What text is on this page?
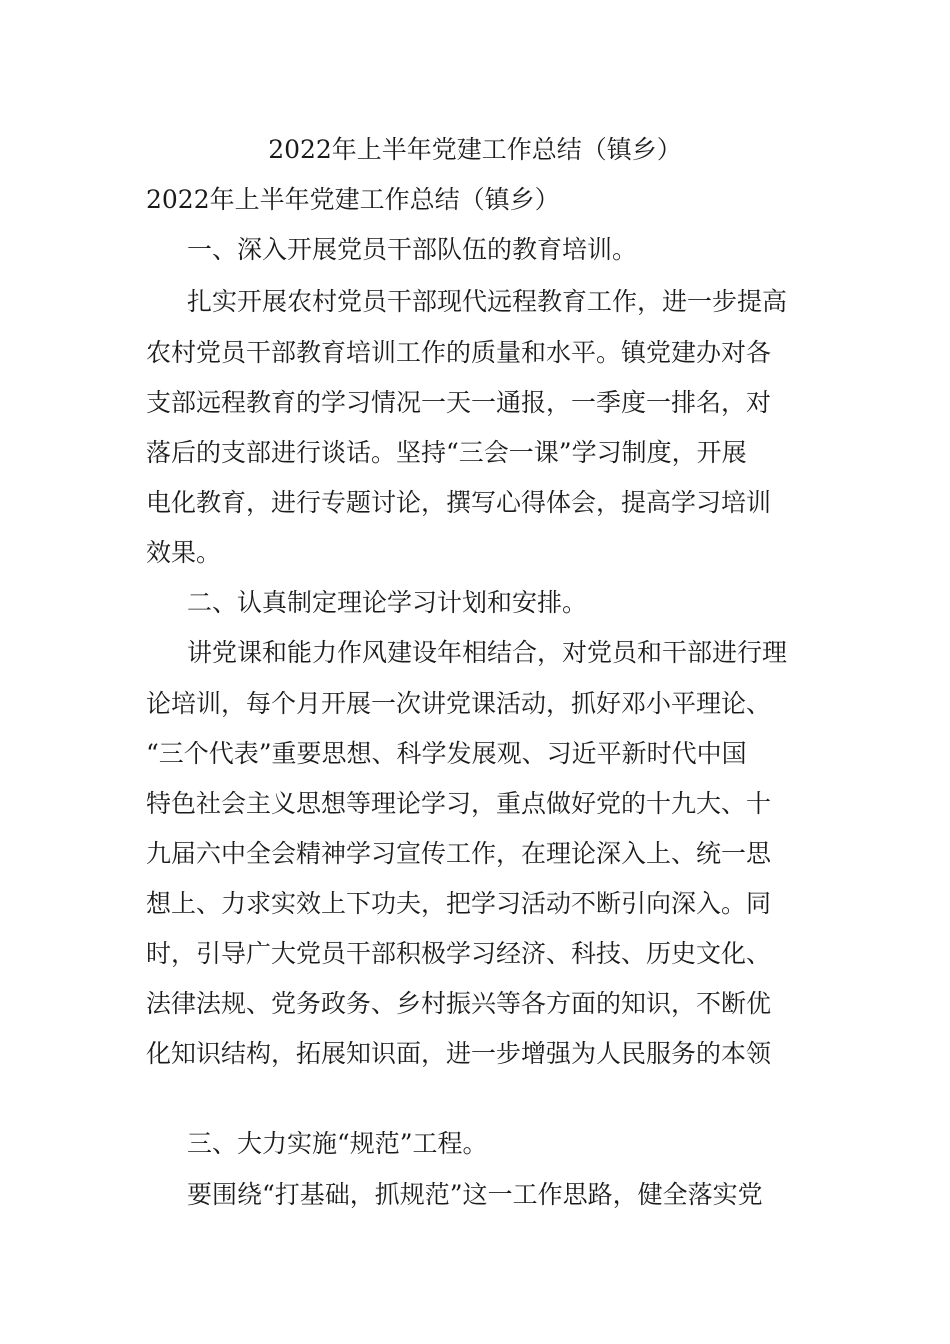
2022年上半年党建工作总结（镇乡）
2022年上半年党建工作总结（镇乡）
一、深入开展党员干部队伍的教育培训。
扎实开展农村党员干部现代远程教育工作，进一步提高
农村党员干部教育培训工作的质量和水平。镇党建办对各
支部远程教育的学习情况一天一通报，一季度一排名，对
落后的支部进行谈话。坚持“三会一课”学习制度，开展
电化教育，进行专题讨论，撰写心得体会，提高学习培训
效果。
二、认真制定理论学习计划和安排。
讲党课和能力作风建设年相结合，对党员和干部进行理
论培训，每个月开展一次讲党课活动，抓好邓小平理论、
“三个代表”重要思想、科学发展观、习近平新时代中国
特色社会主义思想等理论学习，重点做好党的十九大、十
九届六中全会精神学习宣传工作，在理论深入上、统一思
想上、力求实效上下功夫，把学习活动不断引向深入。同
时，引导广大党员干部积极学习经济、科技、历史文化、
法律法规、党务政务、乡村振兴等各方面的知识，不断优
化知识结构，拓展知识面，进一步增强为人民服务的本领
三、大力实施“规范”工程。
要围绕“打基础，抓规范”这一工作思路，健全落实党
